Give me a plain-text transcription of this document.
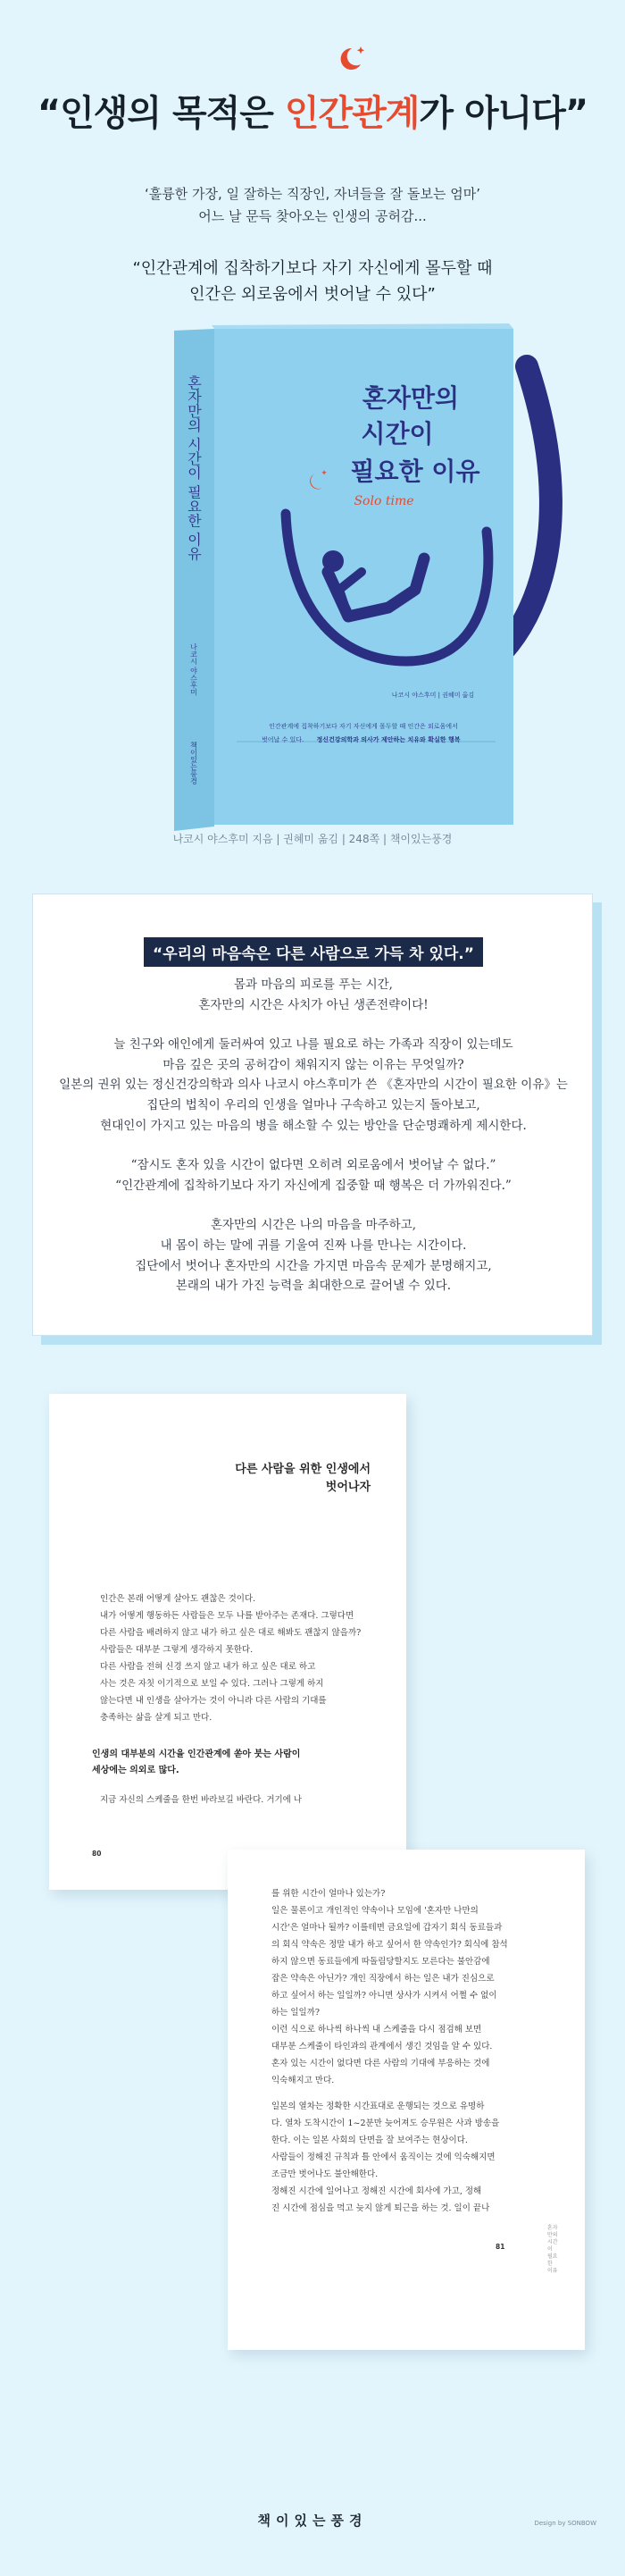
“인생의 목적은 인간관계가 아니다”
‘훌륭한 가장, 일 잘하는 직장인, 자녀들을 잘 돌보는 엄마’
어느 날 문득 찾아오는 인생의 공허감...
“인간관계에 집착하기보다 자기 자신에게 몰두할 때
인간은 외로움에서 벗어날 수 있다”
혼자만의 시간이 필요한 이유
나코시 야스후미
책이있는풍경
혼자만의
시간이
필요한 이유
Solo time
나코시 야스후미 | 권혜미 옮김
인간관계에 집착하기보다 자기 자신에게 몰두할 때 인간은 외로움에서
벗어날 수 있다. 정신건강의학과 의사가 제안하는 치유와 확실한 행복
나코시 야스후미 지음 | 권혜미 옮김 | 248쪽 | 책이있는풍경
“우리의 마음속은 다른 사람으로 가득 차 있다.”

몸과 마음의 피로를 푸는 시간,
혼자만의 시간은 사치가 아닌 생존전략이다!

늘 친구와 애인에게 둘러싸여 있고 나를 필요로 하는 가족과 직장이 있는데도
마음 깊은 곳의 공허감이 채워지지 않는 이유는 무엇일까?
일본의 권위 있는 정신건강의학과 의사 나코시 야스후미가 쓴 《혼자만의 시간이 필요한 이유》는
집단의 법칙이 우리의 인생을 얼마나 구속하고 있는지 돌아보고,
현대인이 가지고 있는 마음의 병을 해소할 수 있는 방안을 단순명쾌하게 제시한다.

“잠시도 혼자 있을 시간이 없다면 오히려 외로움에서 벗어날 수 없다.”
“인간관계에 집착하기보다 자기 자신에게 집중할 때 행복은 더 가까워진다.”

혼자만의 시간은 나의 마음을 마주하고,
내 몸이 하는 말에 귀를 기울여 진짜 나를 만나는 시간이다.
집단에서 벗어나 혼자만의 시간을 가지면 마음속 문제가 분명해지고,
본래의 내가 가진 능력을 최대한으로 끌어낼 수 있다.

다른 사람을 위한 인생에서
벗어나자

인간은 본래 어떻게 살아도 괜찮은 것이다.

내가 어떻게 행동하든 사람들은 모두 나를 받아주는 존재다. 그렇다면

다른 사람을 배려하지 않고 내가 하고 싶은 대로 해봐도 괜찮지 않을까?

사람들은 대부분 그렇게 생각하지 못한다.

다른 사람을 전혀 신경 쓰지 않고 내가 하고 싶은 대로 하고

사는 것은 자칫 이기적으로 보일 수 있다. 그러나 그렇게 하지

않는다면 내 인생을 살아가는 것이 아니라 다른 사람의 기대를

충족하는 삶을 살게 되고 만다.

인생의 대부분의 시간을 인간관계에 쏟아 붓는 사람이
세상에는 의외로 많다.

지금 자신의 스케줄을 한번 바라보길 바란다. 거기에 나

80

를 위한 시간이 얼마나 있는가?

일은 물론이고 개인적인 약속이나 모임에 '혼자만 나만의

시간'은 얼마나 될까? 이를테면 금요일에 갑자기 회식 동료들과

의 회식 약속은 정말 내가 하고 싶어서 한 약속인가? 회식에 참석

하지 않으면 동료들에게 따돌림당할지도 모른다는 불안감에

잡은 약속은 아닌가? 개인 직장에서 하는 일은 내가 진심으로

하고 싶어서 하는 일일까? 아니면 상사가 시켜서 어쩔 수 없이

하는 일일까?

이런 식으로 하나씩 하나씩 내 스케줄을 다시 점검해 보면

대부분 스케줄이 타인과의 관계에서 생긴 것임을 알 수 있다.

혼자 있는 시간이 없다면 다른 사람의 기대에 부응하는 것에

익숙해지고 만다.

일본의 열차는 정확한 시간표대로 운행되는 것으로 유명하

다. 열차 도착시간이 1~2분만 늦어져도 승무원은 사과 방송을

한다. 이는 일본 사회의 단면을 잘 보여주는 현상이다.

사람들이 정해진 규칙과 틀 안에서 움직이는 것에 익숙해지면

조금만 벗어나도 불안해한다.

정해진 시간에 일어나고 정해진 시간에 회사에 가고, 정해

진 시간에 점심을 먹고 늦지 않게 퇴근을 하는 것. 일이 끝나

혼자만의 시간이 필요한 이유
81
책이있는풍경	Design by SONBOW
